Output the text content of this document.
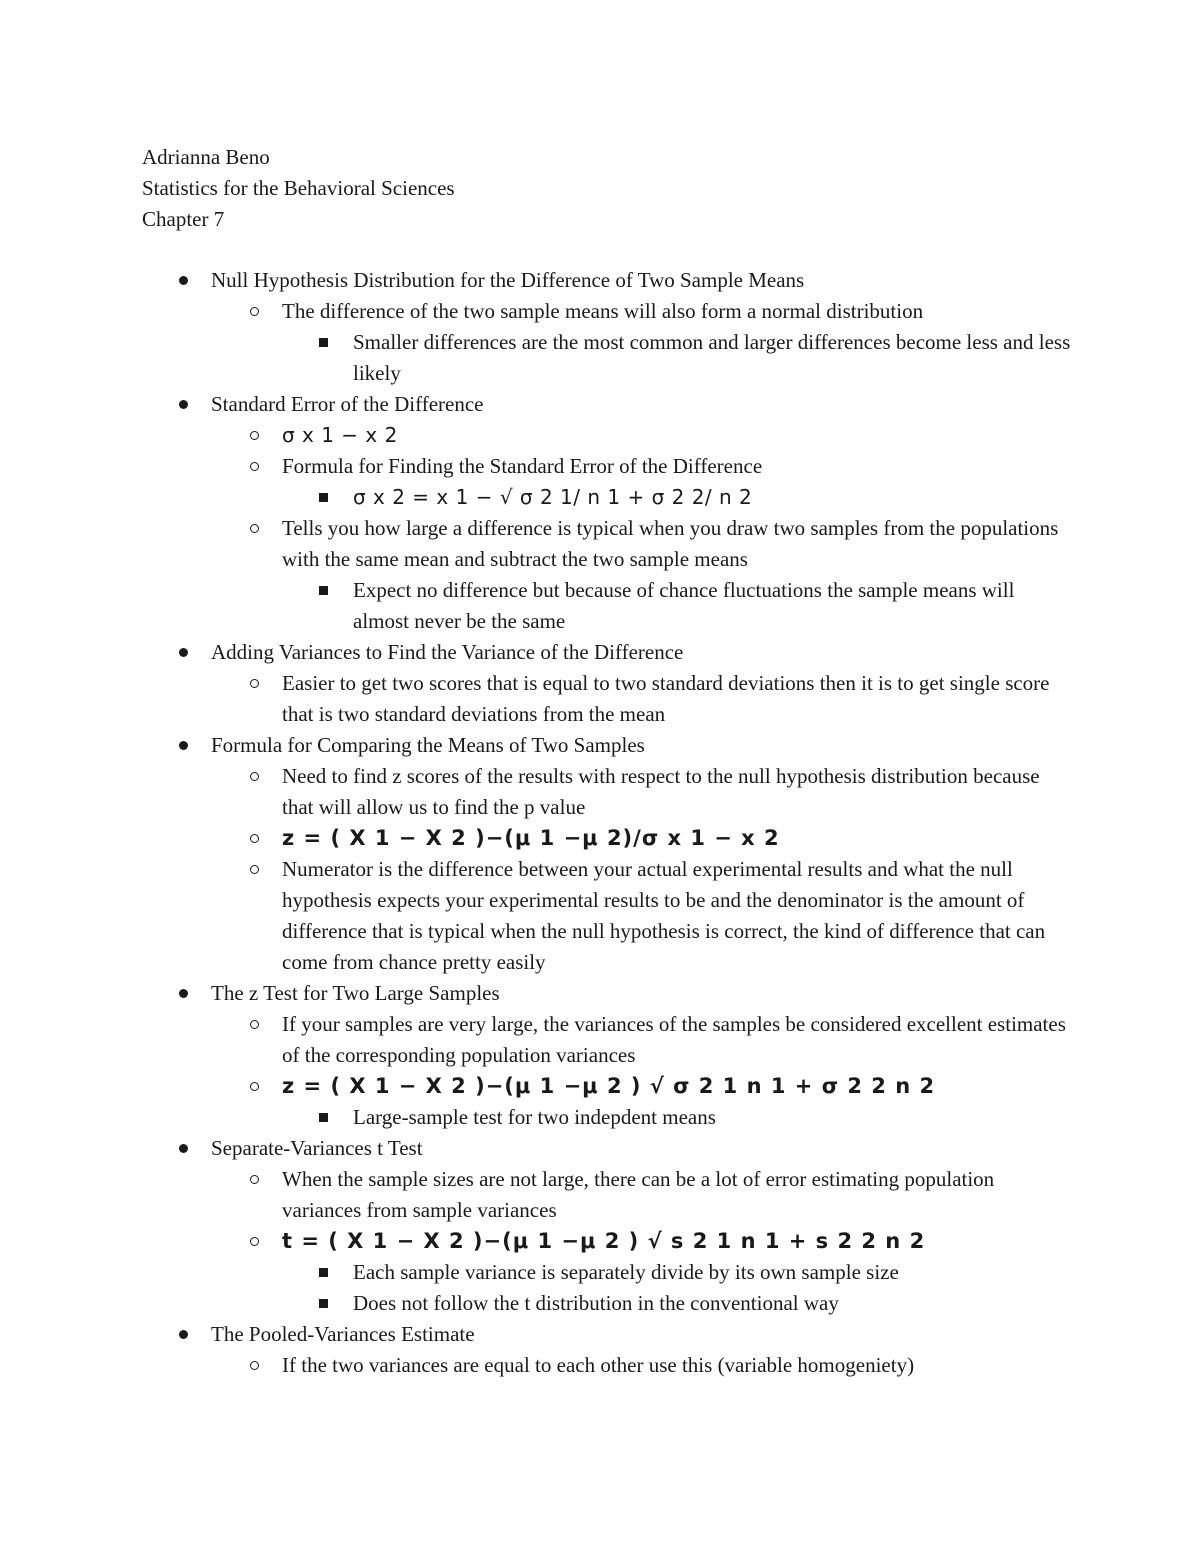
Adrianna Beno
Statistics for the Behavioral Sciences
Chapter 7
Null Hypothesis Distribution for the Difference of Two Sample Means
The difference of the two sample means will also form a normal distribution
Smaller differences are the most common and larger differences become less and less likely
Standard Error of the Difference
σ x 1 − x 2
Formula for Finding the Standard Error of the Difference
σ x 2 = x 1 − √ σ 2 1/ n 1 + σ 2 2/ n 2
Tells you how large a difference is typical when you draw two samples from the populations with the same mean and subtract the two sample means
Expect no difference but because of chance fluctuations the sample means will almost never be the same
Adding Variances to Find the Variance of the Difference
Easier to get two scores that is equal to two standard deviations then it is to get single score that is two standard deviations from the mean
Formula for Comparing the Means of Two Samples
Need to find z scores of the results with respect to the null hypothesis distribution because that will allow us to find the p value
z = ( X 1 − X 2 )−(μ 1 −μ 2)/σ x 1 − x 2
Numerator is the difference between your actual experimental results and what the null hypothesis expects your experimental results to be and the denominator is the amount of difference that is typical when the null hypothesis is correct, the kind of difference that can come from chance pretty easily
The z Test for Two Large Samples
If your samples are very large, the variances of the samples be considered excellent estimates of the corresponding population variances
z = ( X 1 − X 2 )−(μ 1 −μ 2 ) √ σ 2 1 n 1 + σ 2 2 n 2
Large-sample test for two indepdent means
Separate-Variances t Test
When the sample sizes are not large, there can be a lot of error estimating population variances from sample variances
t = ( X 1 − X 2 )−(μ 1 −μ 2 ) √ s 2 1 n 1 + s 2 2 n 2
Each sample variance is separately divide by its own sample size
Does not follow the t distribution in the conventional way
The Pooled-Variances Estimate
If the two variances are equal to each other use this (variable homogeniety)
